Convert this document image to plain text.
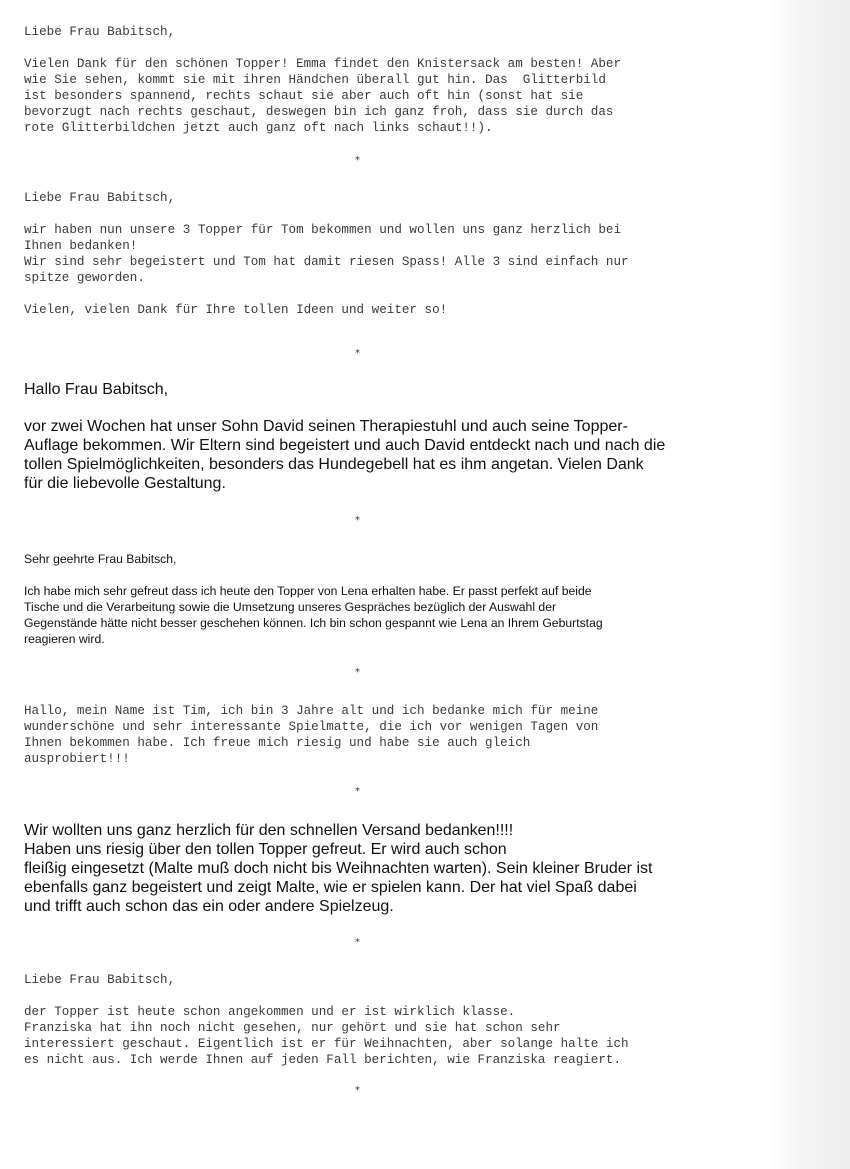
Liebe Frau Babitsch,
Vielen Dank für den schönen Topper! Emma findet den Knistersack am besten! Aber
wie Sie sehen, kommt sie mit ihren Händchen überall gut hin. Das  Glitterbild
ist besonders spannend, rechts schaut sie aber auch oft hin (sonst hat sie
bevorzugt nach rechts geschaut, deswegen bin ich ganz froh, dass sie durch das
rote Glitterbildchen jetzt auch ganz oft nach links schaut!!).
*
Liebe Frau Babitsch,
wir haben nun unsere 3 Topper für Tom bekommen und wollen uns ganz herzlich bei
Ihnen bedanken!
Wir sind sehr begeistert und Tom hat damit riesen Spass! Alle 3 sind einfach nur
spitze geworden.
Vielen, vielen Dank für Ihre tollen Ideen und weiter so!
*
Hallo Frau Babitsch,
vor zwei Wochen hat unser Sohn David seinen Therapiestuhl und auch seine Topper-
Auflage bekommen. Wir Eltern sind begeistert und auch David entdeckt nach und nach die
tollen Spielmöglichkeiten, besonders das Hundegebell hat es ihm angetan. Vielen Dank
für die liebevolle Gestaltung.
*
Sehr geehrte Frau Babitsch,
Ich habe mich sehr gefreut dass ich heute den Topper von Lena erhalten habe. Er passt perfekt auf beide
Tische und die Verarbeitung sowie die Umsetzung unseres Gespräches bezüglich der Auswahl der
Gegenstände hätte nicht besser geschehen können. Ich bin schon gespannt wie Lena an Ihrem Geburtstag
reagieren wird.
*
Hallo, mein Name ist Tim, ich bin 3 Jahre alt und ich bedanke mich für meine
wunderschöne und sehr interessante Spielmatte, die ich vor wenigen Tagen von
Ihnen bekommen habe. Ich freue mich riesig und habe sie auch gleich
ausprobiert!!!
*
Wir wollten uns ganz herzlich für den schnellen Versand bedanken!!!!
Haben uns riesig über den tollen Topper gefreut. Er wird auch schon
fleißig eingesetzt (Malte muß doch nicht bis Weihnachten warten). Sein kleiner Bruder ist
ebenfalls ganz begeistert und zeigt Malte, wie er spielen kann. Der hat viel Spaß dabei
und trifft auch schon das ein oder andere Spielzeug.
*
Liebe Frau Babitsch,
der Topper ist heute schon angekommen und er ist wirklich klasse.
Franziska hat ihn noch nicht gesehen, nur gehört und sie hat schon sehr
interessiert geschaut. Eigentlich ist er für Weihnachten, aber solange halte ich
es nicht aus. Ich werde Ihnen auf jeden Fall berichten, wie Franziska reagiert.
*
